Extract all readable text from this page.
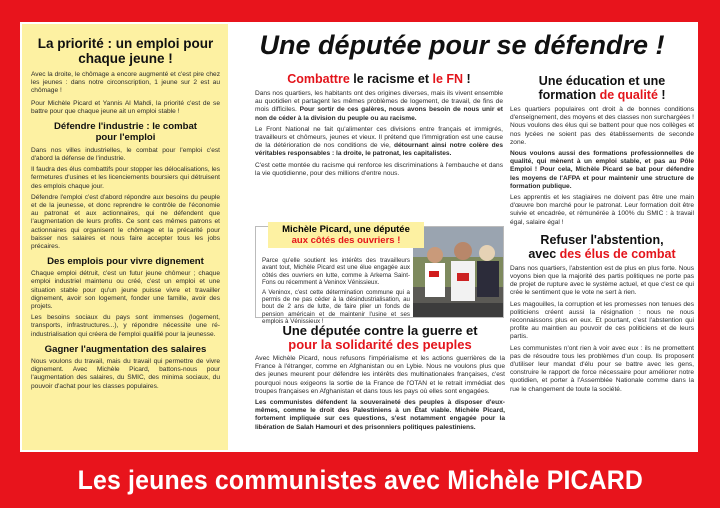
La priorité : un emploi pour chaque jeune !

Avec la droite, le chômage a encore augmenté et c'est pire chez les jeunes : dans notre circonscription, 1 jeune sur 2 est au chômage !

Pour Michèle Picard et Yannis Al Mahdi, la priorité c'est de se battre pour que chaque jeune ait un emploi stable !

Défendre l'industrie : le combat pour l'emploi

Dans nos villes industrielles, le combat pour l'emploi c'est d'abord la défense de l'industrie.

Il faudra des élus combattifs pour stopper les délocalisations, les fermetures d'usines et les licenciements boursiers qui détruisent des emplois chaque jour.

Défendre l'emploi c'est d'abord répondre aux besoins du peuple et de la jeunesse, et donc reprendre le contrôle de l'économie au patronat et aux actionnaires, qui ne défendent que l'augmentation de leurs profits. Ce sont ces mêmes patrons et actionnaires qui organisent le chômage et la précarité pour baisser nos salaires et nous faire accepter tous les jobs précaires.

Des emplois pour vivre dignement

Chaque emploi détruit, c'est un futur jeune chômeur ; chaque emploi industriel maintenu ou créé, c'est un emploi et une situation stable pour qu'un jeune puisse vivre et travailler dignement, avoir son logement, fonder une famille, avoir des projets.

Les besoins sociaux du pays sont immenses (logement, transports, infrastructures...), y répondre nécessite une ré-industrialisation qui créera de l'emploi qualifié pour la jeunesse.

Gagner l'augmentation des salaires

Nous voulons du travail, mais du travail qui permettre de vivre dignement. Avec Michèle Picard, battons-nous pour l'augmentation des salaires, du SMIC, des minima sociaux, du pouvoir d'achat pour les classes populaires.

Une députée pour se défendre !

Combattre le racisme et le FN !

Dans nos quartiers, les habitants ont des origines diverses, mais ils vivent ensemble au quotidien et partagent les mêmes problèmes de logement, de travail, de fins de mois difficiles. Pour sortir de ces galères, nous avons besoin de nous unir et non de céder à la division du peuple ou au racisme.

Le Front National ne fait qu'alimenter ces divisions entre français et immigrés, travailleurs et chômeurs, jeunes et vieux. Il prétend que l'immigration est une cause de la détérioration de nos conditions de vie, détournant ainsi notre colère des véritables responsables : la droite, le patronat, les capitalistes.

C'est cette montée du racisme qui renforce les discriminations à l'embauche et dans la vie quotidienne, pour des millions d'entre nous.

Parce qu'elle soutient les intérêts des travailleurs avant tout, Michèle Picard est une élue engagée aux côtés des ouvriers en lutte, comme à Arkema Saint-Fons ou récemment à Veninox Vénissieux.

A Veninox, c'est cette détermination commune qui a permis de ne pas céder à la désindustrialisation, au bout de 2 ans de lutte, de faire plier un fonds de pension américain et de maintenir l'usine et ses emplois à Vénissieux !

Michèle Picard, une députée
aux côtés des ouvriers !

Une députée contre la guerre et

pour la solidarité des peuples

Avec Michèle Picard, nous refusons l'impérialisme et les actions guerrières de la France à l'étranger, comme en Afghanistan ou en Lybie. Nous ne voulons plus que des jeunes meurent pour défendre les intérêts des multinationales françaises, c'est pourquoi nous exigeons la sortie de la France de l'OTAN et le retrait immédiat des troupes françaises en Afghanistan et dans tous les pays où elles sont engagées.

Les communistes défendent la souveraineté des peuples à disposer d'eux-mêmes, comme le droit des Palestiniens à un État viable. Michèle Picard, fortement impliquée sur ces questions, s'est notamment engagée pour la libération de Salah Hamouri et des prisonniers politiques palestiniens.

Une éducation et une
formation de qualité !

Les quartiers populaires ont droit à de bonnes conditions d'enseignement, des moyens et des classes non surchargées ! Nous voulons des élus qui se battent pour que nos collèges et nos lycées ne soient pas des établissements de seconde zone.

Nous voulons aussi des formations professionnelles de qualité, qui mènent à un emploi stable, et pas au Pôle Emploi ! Pour cela, Michèle Picard se bat pour défendre les moyens de l'AFPA et pour maintenir une structure de formation publique.

Les apprentis et les stagiaires ne doivent pas être une main d'œuvre bon marché pour le patronat. Leur formation doit être suivie et encadrée, et rémunérée à 100% du SMIC : à travail égal, salaire égal !

Refuser l'abstention,
avec des élus de combat

Dans nos quartiers, l'abstention est de plus en plus forte. Nous voyons bien que la majorité des partis politiques ne porte pas de projet de rupture avec le système actuel, et que c'est ce qui crée le sentiment que le vote ne sert à rien.

Les magouilles, la corruption et les promesses non tenues des politiciens créent aussi la résignation : nous ne nous reconnaissons plus en eux. Et pourtant, c'est l'abstention qui profite au maintien au pouvoir de ces politiciens et de leurs partis.

Les communistes n'ont rien à voir avec eux : ils ne promettent pas de résoudre tous les problèmes d'un coup. Ils proposent d'utiliser leur mandat d'élu pour se battre avec les gens, construire le rapport de force nécessaire pour améliorer notre quotidien, et porter à l'Assemblée Nationale comme dans la rue le changement de toute la société.

Les jeunes communistes avec Michèle PICARD
